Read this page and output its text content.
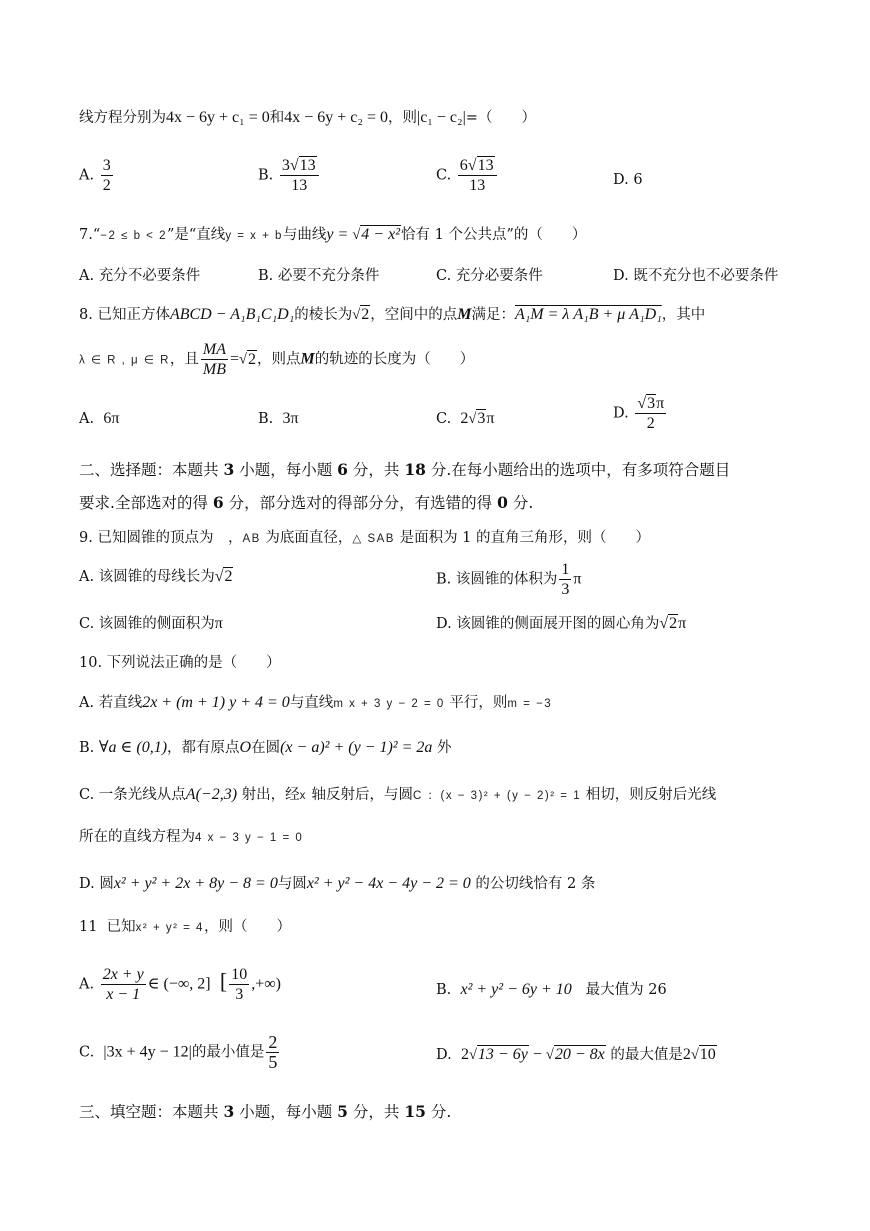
线方程分别为4x − 6y + c₁ = 0和4x − 6y + c₂ = 0，则|c₁ − c₂|=（　　）
A. $\frac{3}{2}$	B. $\frac{3√13}{13}$	C. $\frac{6√13}{13}$	D. 6
7.“−2 ≤ b < 2”是“直线y = x + b与曲线y = √4 − x²恰有 1 个公共点”的（　　）
A. 充分不必要条件	B. 必要不充分条件	C. 充分必要条件	D. 既不充分也不必要条件
8. 已知正方体ABCD − A₁B₁C₁D₁的棱长为√2，空间中的点M满足：A₁M = λ A₁B + μ A₁D₁，其中
λ ∈ R , μ ∈ R，且 $\frac{MA}{MB} =√2$，则点M的轨迹的长度为（　　）
A. 6π	B. 3π	C. 2√3π	D. $\frac{√3\pi}{2}$
二、选择题：本题共 3 小题，每小题 6 分，共 18 分.在每小题给出的选项中，有多项符合题目
要求.全部选对的得 6 分，部分选对的得部分分，有选错的得 0 分.
9. 已知圆锥的顶点为　，AB 为底面直径，△ SAB 是面积为 1 的直角三角形，则（　　）
A. 该圆锥的母线长为√2	B. 该圆锥的体积为 $\frac{1}{3}$ π
C. 该圆锥的侧面积为π	D. 该圆锥的侧面展开图的圆心角为√2π
10. 下列说法正确的是（　　）
A. 若直线2x + (m + 1) y + 4 = 0与直线m x + 3 y − 2 = 0 平行，则m = −3
B. ∀a ∈ (0,1)，都有原点O在圆(x − a)² + (y − 1)² = 2a 外
C. 一条光线从点A(−2,3) 射出，经x 轴反射后，与圆C ：(x − 3)² + (y − 2)² = 1 相切，则反射后光线
所在的直线方程为4 x − 3 y − 1 = 0
D. 圆x² + y² + 2x + 8y − 8 = 0与圆x² + y² − 4x − 4y − 2 = 0 的公切线恰有 2 条
11 已知x² + y² = 4，则（　　）
A. $\frac{2x + y}{x - 1}$ ∈ (−∞, 2] [ $\frac{10}{3}$ ,+∞)	B. x² + y² − 6y + 10 最大值为 26
C. |3x + 4y − 12|的最小值是 $\frac{2}{5}$	D. 2√13 − 6y − √20 − 8x 的最大值是2√10
三、填空题：本题共 3 小题，每小题 5 分，共 15 分.
